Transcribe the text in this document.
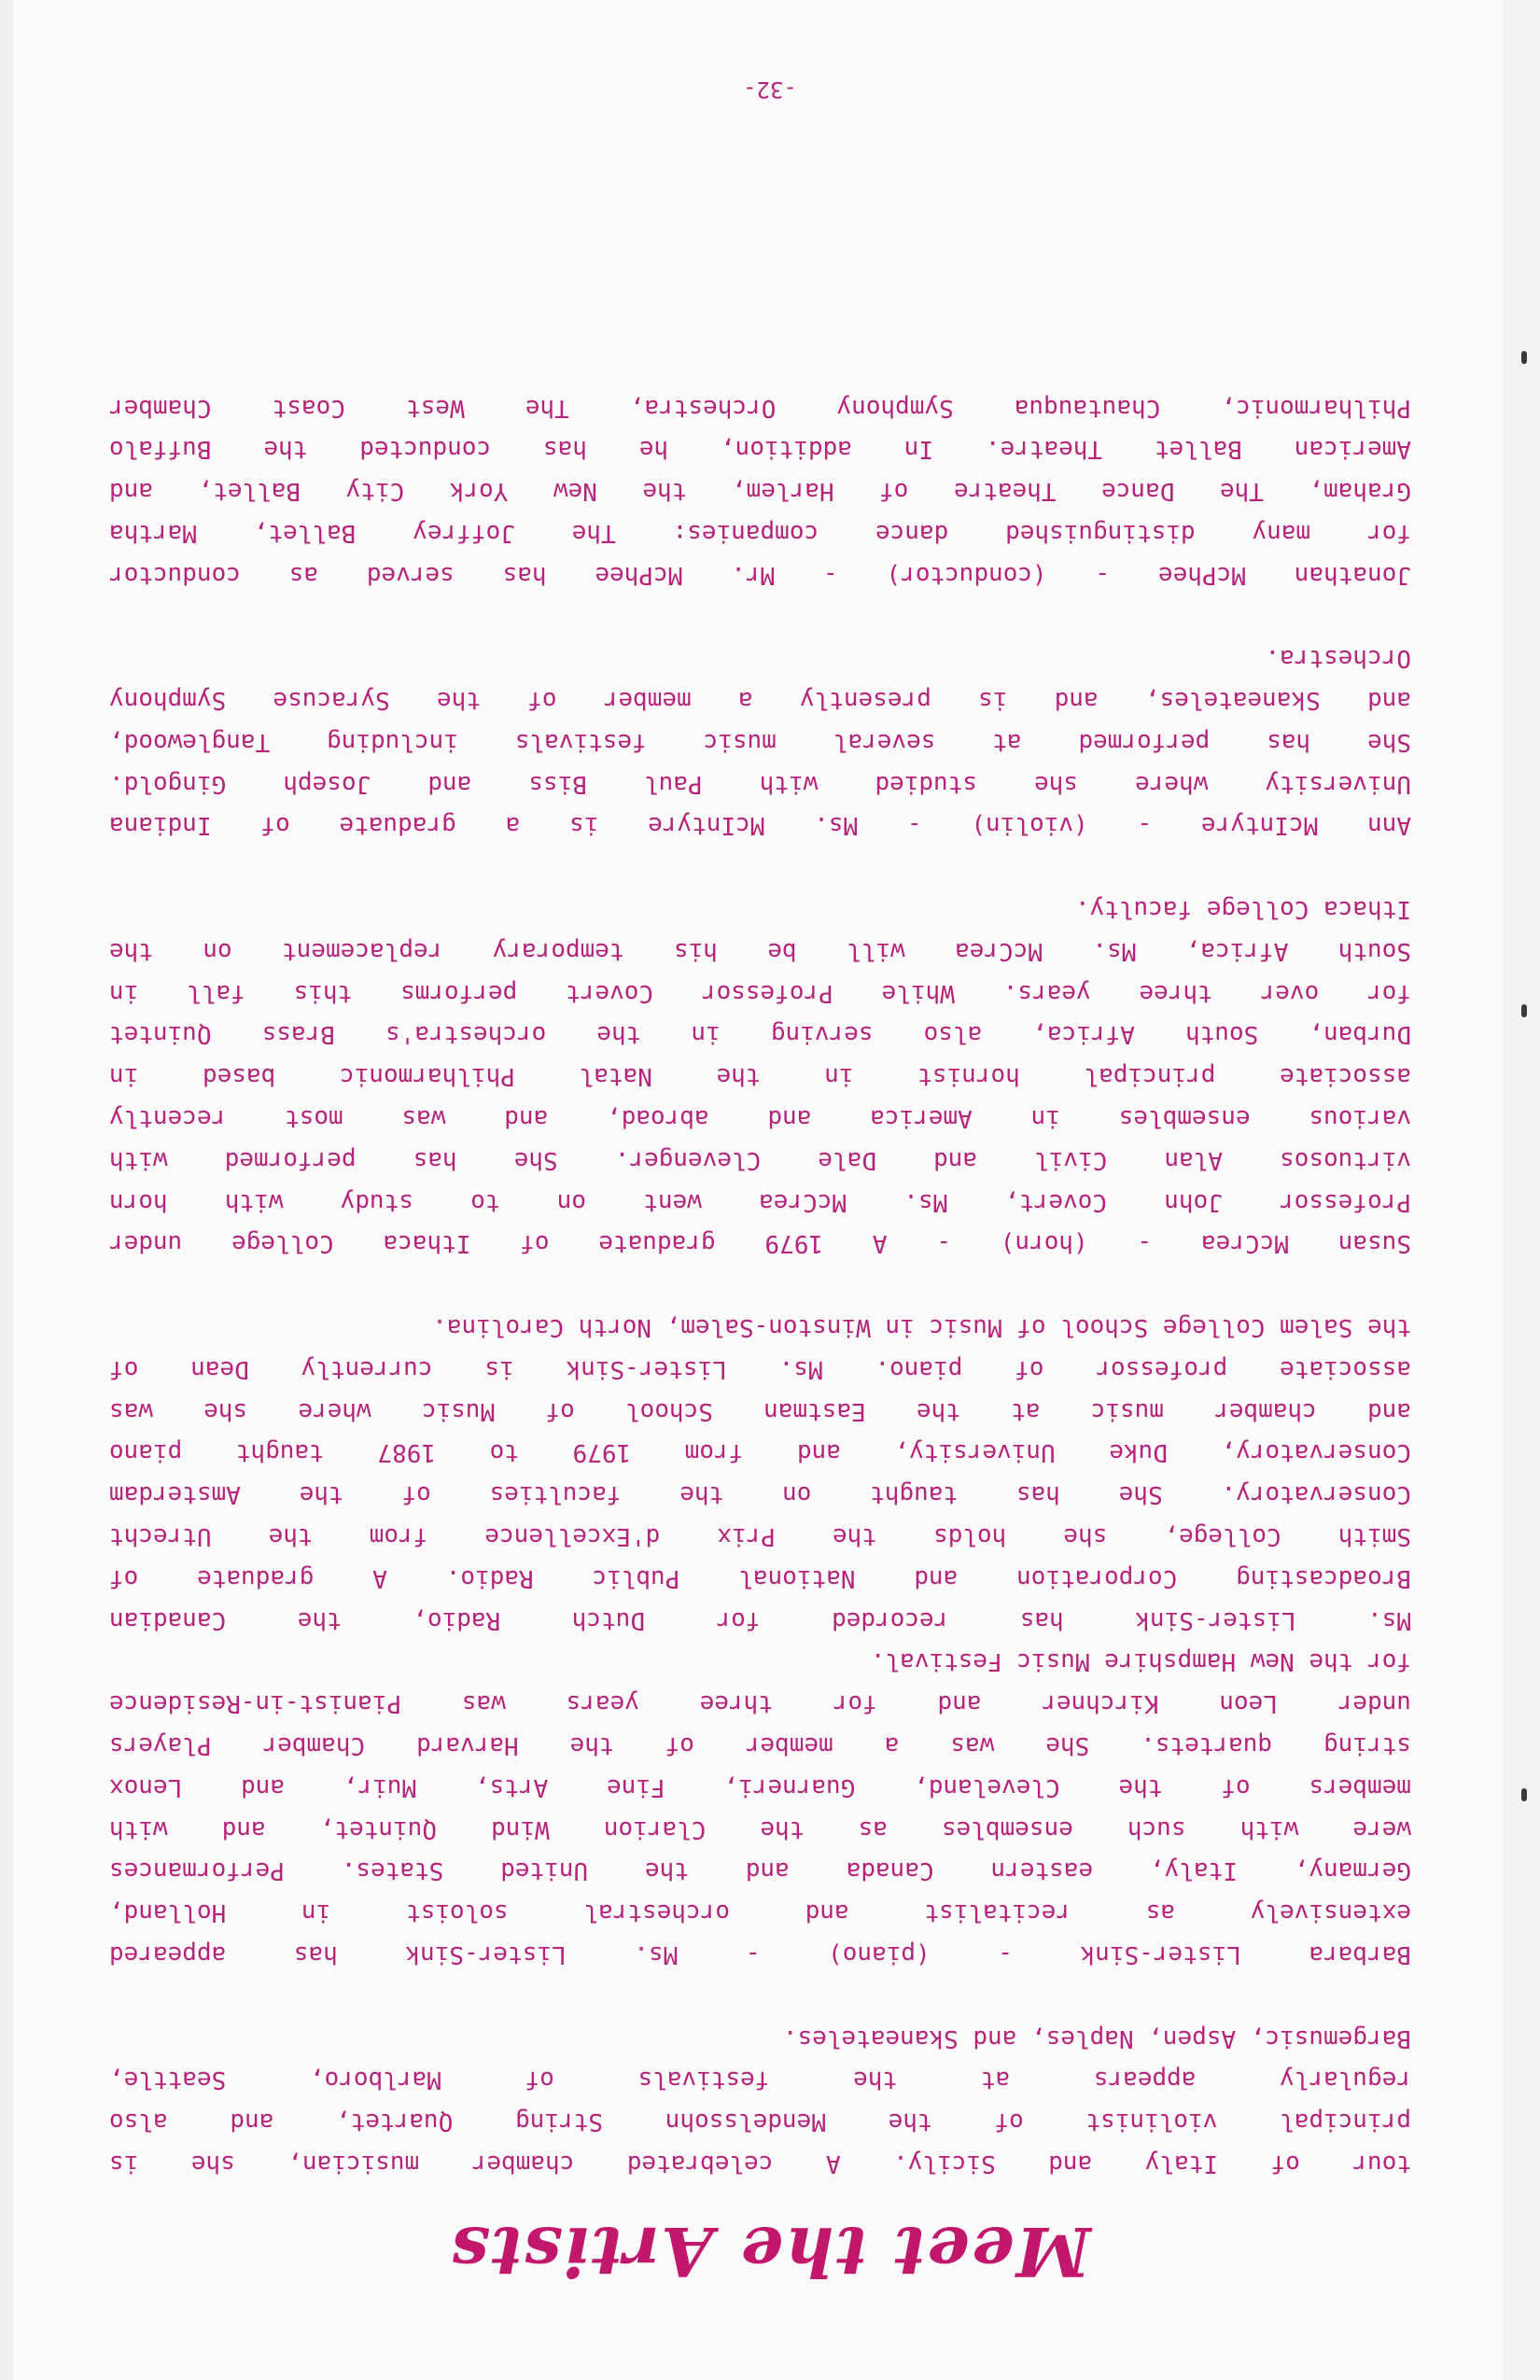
Meet the Artists
tour of Italy and Sicily. A celebrated chamber musician, she is
principal violinist of the Mendelssohn String Quartet, and also
regularly appears at the festivals of Marlboro, Seattle,
Bargemusic, Aspen, Naples, and Skaneateles.
Barbara Lister-Sink - (piano) - Ms. Lister-Sink has appeared
extensively as recitalist and orchestral soloist in Holland,
Germany, Italy, eastern Canada and the United States. Performances
were with such ensembles as the Clarion Wind Quintet, and with
members of the Cleveland, Guarneri, Fine Arts, Muir, and Lenox
string quartets. She was a member of the Harvard Chamber Players
under Leon Kirchner and for three years was Pianist-in-Residence
for the New Hampshire Music Festival.
Ms. Lister-Sink has recorded for Dutch Radio, the Canadian
Broadcasting Corporation and National Public Radio. A graduate of
Smith College, she holds the Prix d'Excellence from the Utrecht
Conservatory. She has taught on the faculties of the Amsterdam
Conservatory, Duke University, and from 1979 to 1987 taught piano
and chamber music at the Eastman School of Music where she was
associate professor of piano. Ms. Lister-Sink is currently Dean of
the Salem College School of Music in Winston-Salem, North Carolina.
Susan McCrea - (horn) - A 1979 graduate of Ithaca College under
Professor John Covert, Ms. McCrea went on to study with horn
virtuosos Alan Civil and Dale Clevenger. She has performed with
various ensembles in America and abroad, and was most recently
associate principal hornist in the Natal Philharmonic based in
Durban, South Africa, also serving in the orchestra's Brass Quintet
for over three years. While Professor Covert performs this fall in
South Africa, Ms. McCrea will be his temporary replacement on the
Ithaca College faculty.
Ann McIntyre - (violin) - Ms. McIntyre is a graduate of Indiana
University where she studied with Paul Biss and Joseph Gingold.
She has performed at several music festivals including Tanglewood,
and Skaneateles, and is presently a member of the Syracuse Symphony
Orchestra.
Jonathan McPhee - (conductor) - Mr. McPhee has served as conductor
for many distinguished dance companies: The Joffrey Ballet, Martha
Graham, The Dance Theatre of Harlem, the New York City Ballet, and
American Ballet Theatre. In addition, he has conducted the Buffalo
Philharmonic, Chautauqua Symphony Orchestra, The West Coast Chamber
-32-
